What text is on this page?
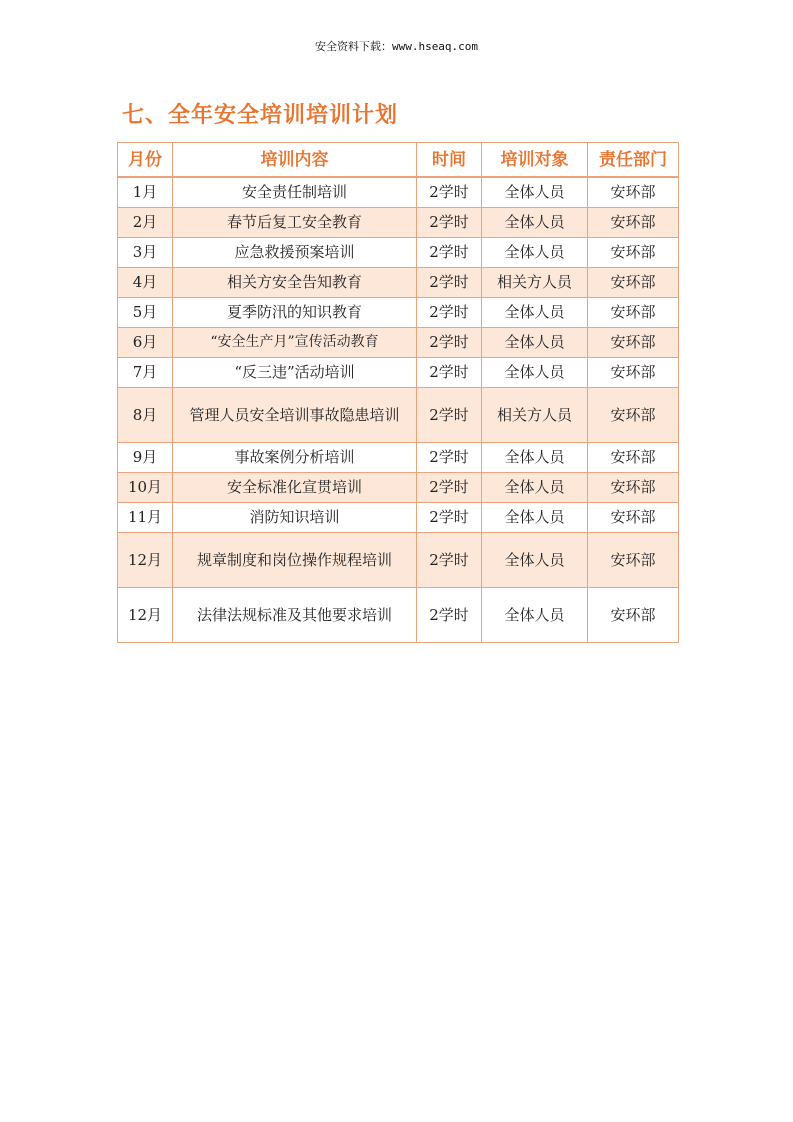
安全资料下载：www.hseaq.com
七、全年安全培训培训计划
月份	培训内容	时间	培训对象	责任部门
1月	安全责任制培训	2学时	全体人员	安环部
2月	春节后复工安全教育	2学时	全体人员	安环部
3月	应急救援预案培训	2学时	全体人员	安环部
4月	相关方安全告知教育	2学时	相关方人员	安环部
5月	夏季防汛的知识教育	2学时	全体人员	安环部
6月	“安全生产月”宣传活动教育	2学时	全体人员	安环部
7月	“反三违”活动培训	2学时	全体人员	安环部
8月	管理人员安全培训事故隐患培训	2学时	相关方人员	安环部
9月	事故案例分析培训	2学时	全体人员	安环部
10月	安全标准化宣贯培训	2学时	全体人员	安环部
11月	消防知识培训	2学时	全体人员	安环部
12月	规章制度和岗位操作规程培训	2学时	全体人员	安环部
12月	法律法规标准及其他要求培训	2学时	全体人员	安环部
